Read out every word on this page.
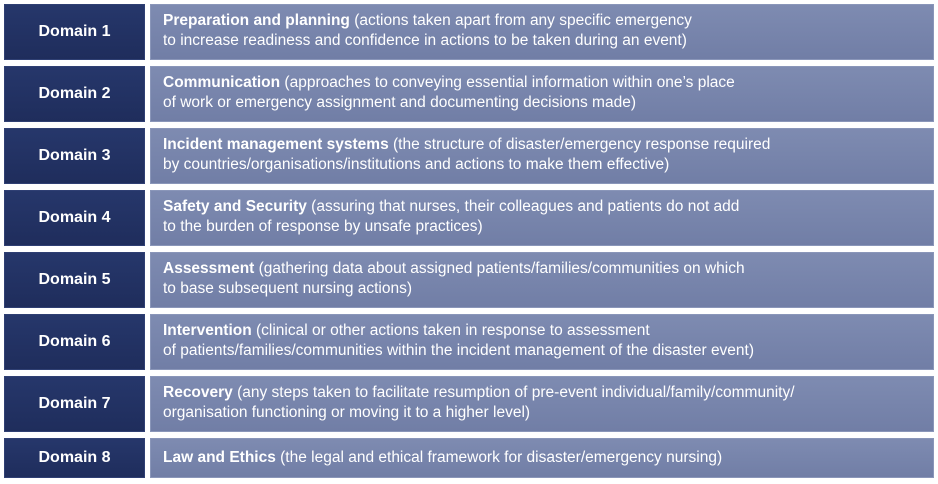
Domain 1
Preparation and planning (actions taken apart from any specific emergency
to increase readiness and confidence in actions to be taken during an event)
Domain 2
Communication (approaches to conveying essential information within one’s place
of work or emergency assignment and documenting decisions made)
Domain 3
Incident management systems (the structure of disaster/emergency response required
by countries/organisations/institutions and actions to make them effective)
Domain 4
Safety and Security (assuring that nurses, their colleagues and patients do not add
to the burden of response by unsafe practices)
Domain 5
Assessment (gathering data about assigned patients/families/communities on which
to base subsequent nursing actions)
Domain 6
Intervention (clinical or other actions taken in response to assessment
of patients/families/communities within the incident management of the disaster event)
Domain 7
Recovery (any steps taken to facilitate resumption of pre-event individual/family/community/
organisation functioning or moving it to a higher level)
Domain 8	Law and Ethics (the legal and ethical framework for disaster/emergency nursing)
